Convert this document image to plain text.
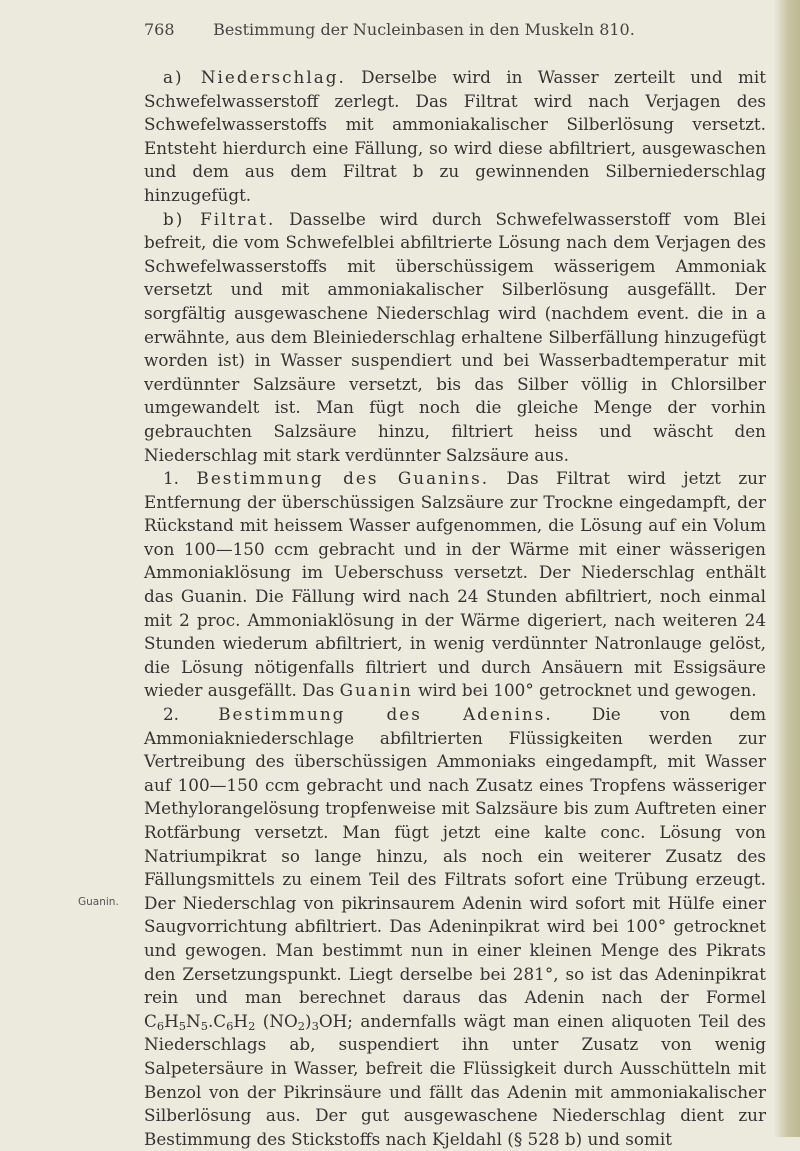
768	Bestimmung der Nucleinbasen in den Muskeln 810.
Guanin.

a) Niederschlag. Derselbe wird in Wasser zerteilt und mit Schwefelwasserstoff zerlegt. Das Filtrat wird nach Verjagen des Schwefelwasserstoffs mit ammoniakalischer Silberlösung versetzt. Entsteht hierdurch eine Fällung, so wird diese abfiltriert, ausgewaschen und dem aus dem Filtrat b zu gewinnenden Silberniederschlag hinzugefügt.

b) Filtrat. Dasselbe wird durch Schwefelwasserstoff vom Blei befreit, die vom Schwefelblei abfiltrierte Lösung nach dem Verjagen des Schwefelwasserstoffs mit überschüssigem wässerigem Ammoniak versetzt und mit ammoniakalischer Silberlösung ausgefällt. Der sorgfältig ausgewaschene Niederschlag wird (nachdem event. die in a erwähnte, aus dem Bleiniederschlag erhaltene Silberfällung hinzugefügt worden ist) in Wasser suspendiert und bei Wasserbadtemperatur mit verdünnter Salzsäure versetzt, bis das Silber völlig in Chlorsilber umgewandelt ist. Man fügt noch die gleiche Menge der vorhin gebrauchten Salzsäure hinzu, filtriert heiss und wäscht den Niederschlag mit stark verdünnter Salzsäure aus.

1. Bestimmung des Guanins. Das Filtrat wird jetzt zur Entfernung der überschüssigen Salzsäure zur Trockne eingedampft, der Rückstand mit heissem Wasser aufgenommen, die Lösung auf ein Volum von 100—150 ccm gebracht und in der Wärme mit einer wässerigen Ammoniaklösung im Ueberschuss versetzt. Der Niederschlag enthält das Guanin. Die Fällung wird nach 24 Stunden abfiltriert, noch einmal mit 2 proc. Ammoniaklösung in der Wärme digeriert, nach weiteren 24 Stunden wiederum abfiltriert, in wenig verdünnter Natronlauge gelöst, die Lösung nötigenfalls filtriert und durch Ansäuern mit Essigsäure wieder ausgefällt. Das Guanin wird bei 100° getrocknet und gewogen.

2. Bestimmung des Adenins. Die von dem Ammoniakniederschlage abfiltrierten Flüssigkeiten werden zur Vertreibung des überschüssigen Ammoniaks eingedampft, mit Wasser auf 100—150 ccm gebracht und nach Zusatz eines Tropfens wässeriger Methylorangelösung tropfenweise mit Salzsäure bis zum Auftreten einer Rotfärbung versetzt. Man fügt jetzt eine kalte conc. Lösung von Natriumpikrat so lange hinzu, als noch ein weiterer Zusatz des Fällungsmittels zu einem Teil des Filtrats sofort eine Trübung erzeugt. Der Niederschlag von pikrinsaurem Adenin wird sofort mit Hülfe einer Saugvorrichtung abfiltriert. Das Adeninpikrat wird bei 100° getrocknet und gewogen. Man bestimmt nun in einer kleinen Menge des Pikrats den Zersetzungspunkt. Liegt derselbe bei 281°, so ist das Adeninpikrat rein und man berechnet daraus das Adenin nach der Formel $C_6H_5N_5.C_6H_2$ $(NO_2)_3OH$; andernfalls wägt man einen aliquoten Teil des Niederschlags ab, suspendiert ihn unter Zusatz von wenig Salpetersäure in Wasser, befreit die Flüssigkeit durch Ausschütteln mit Benzol von der Pikrinsäure und fällt das Adenin mit ammoniakalischer Silberlösung aus. Der gut ausgewaschene Niederschlag dient zur Bestimmung des Stickstoffs nach Kjeldahl (§ 528 b) und somit
